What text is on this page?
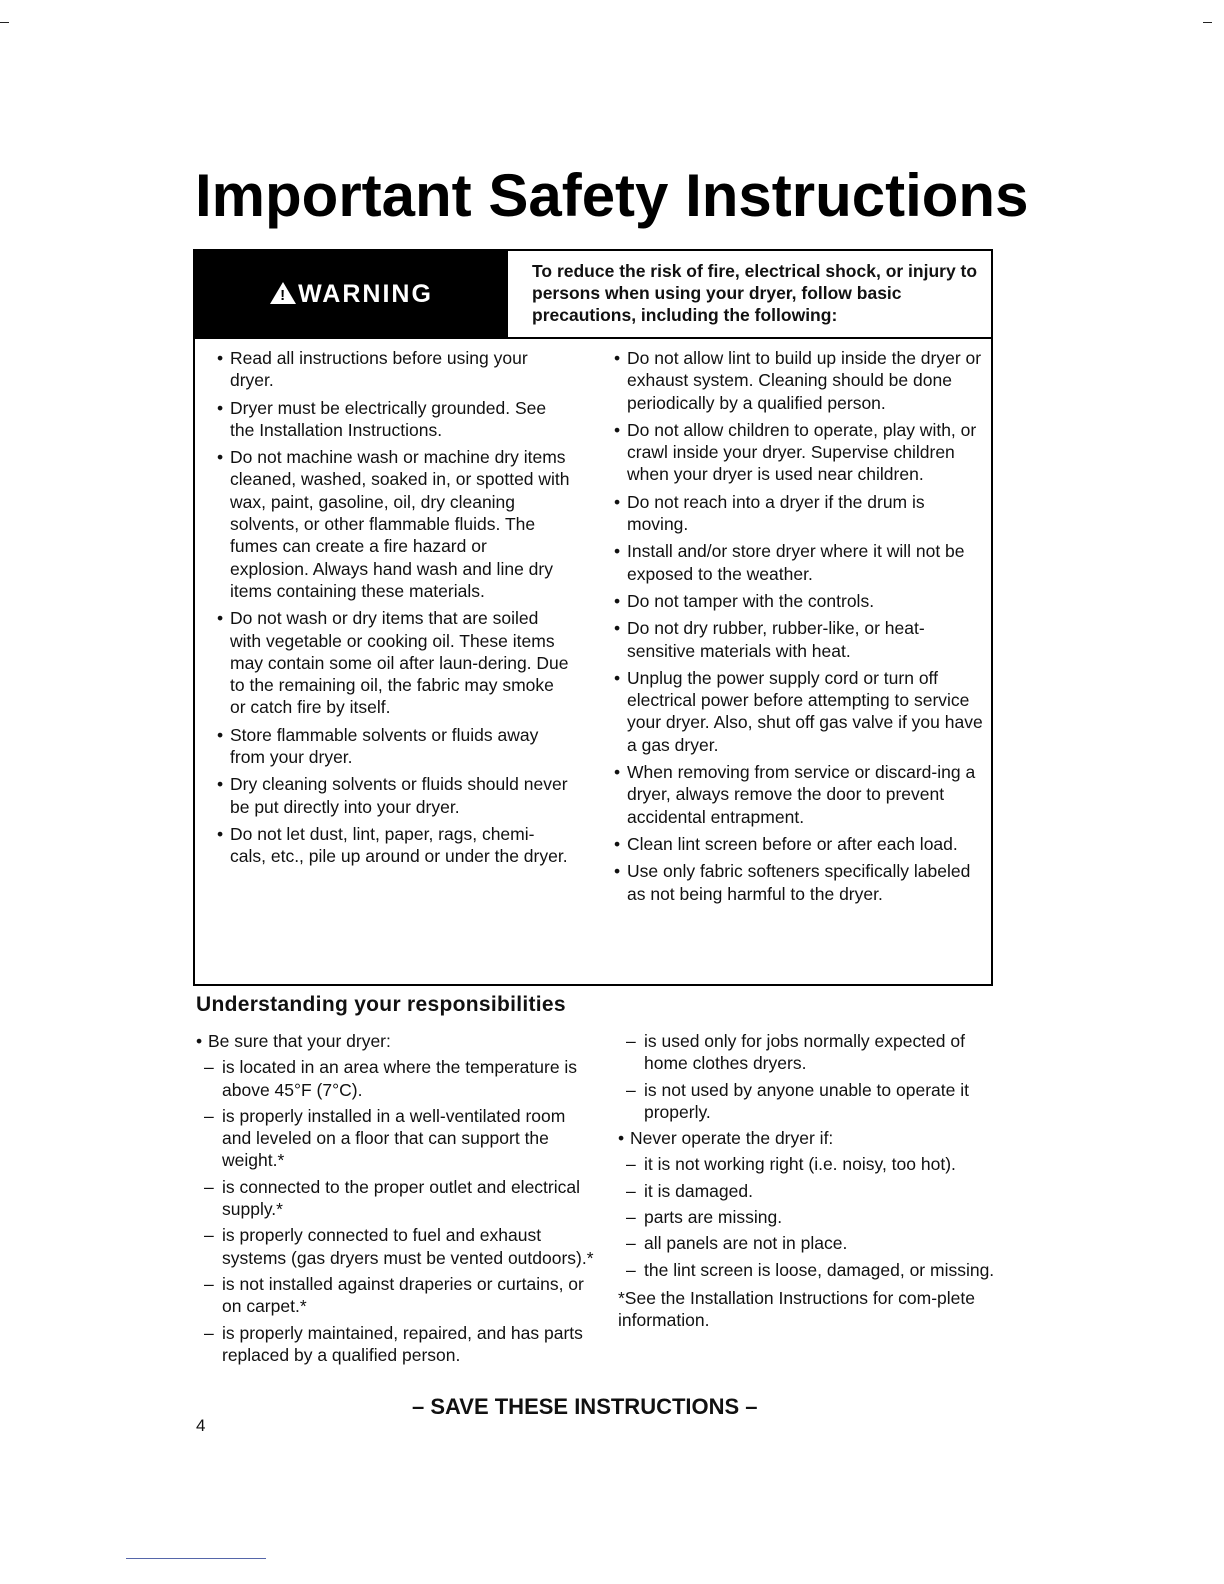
Important Safety Instructions
!
WARNING
To reduce the risk of fire, electrical shock, or injury to persons when using your dryer, follow basic precautions, including the following:
• Read all instructions before using your dryer.
• Dryer must be electrically grounded. See the Installation Instructions.
• Do not machine wash or machine dry items cleaned, washed, soaked in, or spotted with wax, paint, gasoline, oil, dry cleaning solvents, or other flammable fluids. The fumes can create a fire hazard or explosion. Always hand wash and line dry items containing these materials.
• Do not wash or dry items that are soiled with vegetable or cooking oil. These items may contain some oil after laun-dering. Due to the remaining oil, the fabric may smoke or catch fire by itself.
• Store flammable solvents or fluids away from your dryer.
• Dry cleaning solvents or fluids should never be put directly into your dryer.
• Do not let dust, lint, paper, rags, chemi-cals, etc., pile up around or under the dryer.
• Do not allow lint to build up inside the dryer or exhaust system. Cleaning should be done periodically by a qualified person.
• Do not allow children to operate, play with, or crawl inside your dryer. Supervise children when your dryer is used near children.
• Do not reach into a dryer if the drum is moving.
• Install and/or store dryer where it will not be exposed to the weather.
• Do not tamper with the controls.
• Do not dry rubber, rubber-like, or heat-sensitive materials with heat.
• Unplug the power supply cord or turn off electrical power before attempting to service your dryer. Also, shut off gas valve if you have a gas dryer.
• When removing from service or discard-ing a dryer, always remove the door to prevent accidental entrapment.
• Clean lint screen before or after each load.
• Use only fabric softeners specifically labeled as not being harmful to the dryer.
Understanding your responsibilities
• Be sure that your dryer:
– is located in an area where the temperature is above 45°F (7°C).
– is properly installed in a well-ventilated room and leveled on a floor that can support the weight.*
– is connected to the proper outlet and electrical supply.*
– is properly connected to fuel and exhaust systems (gas dryers must be vented outdoors).*
– is not installed against draperies or curtains, or on carpet.*
– is properly maintained, repaired, and has parts replaced by a qualified person.
– is used only for jobs normally expected of home clothes dryers.
– is not used by anyone unable to operate it properly.
• Never operate the dryer if:
– it is not working right (i.e. noisy, too hot).
– it is damaged.
– parts are missing.
– all panels are not in place.
– the lint screen is loose, damaged, or missing.
*See the Installation Instructions for com-plete information.
4
– SAVE THESE INSTRUCTIONS –
